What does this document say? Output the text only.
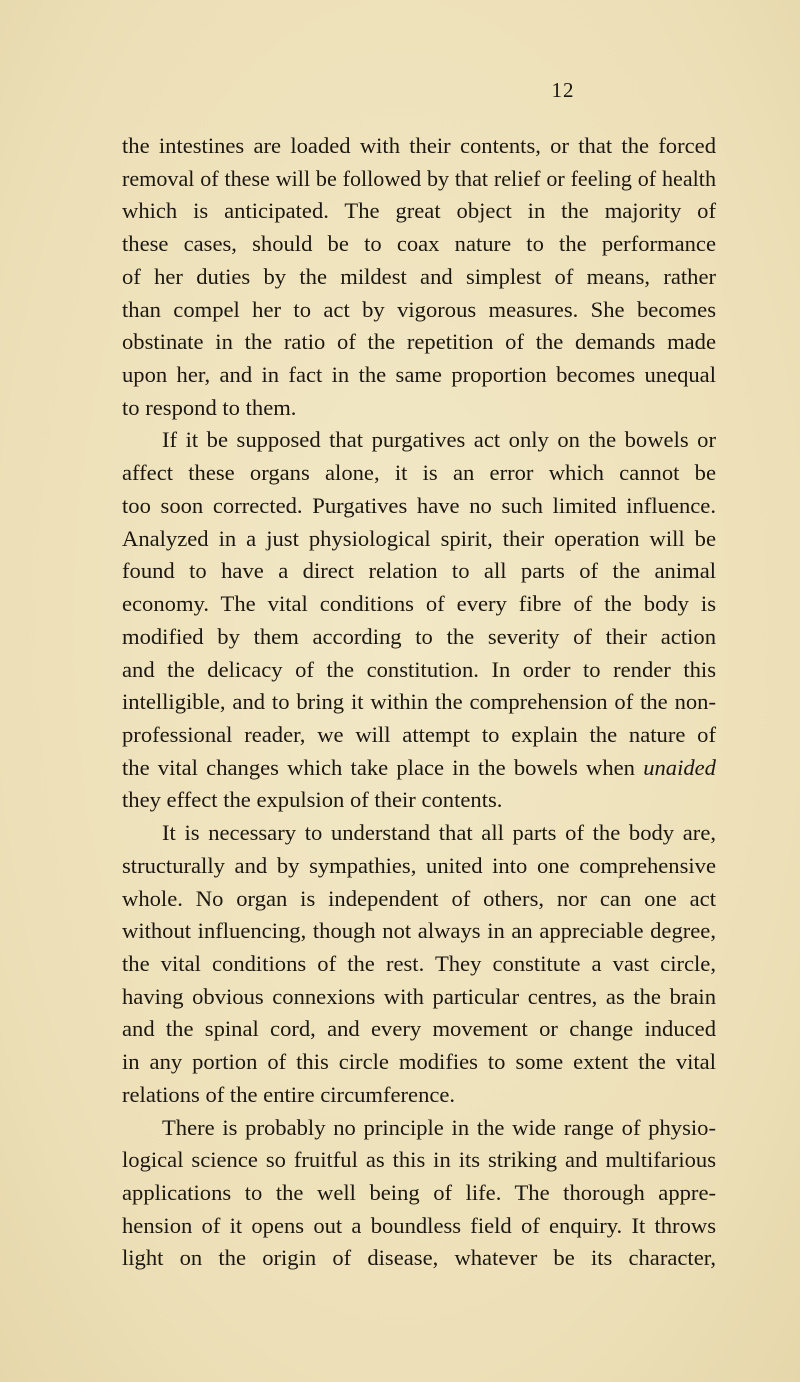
12
the intestines are loaded with their contents, or that the forced
removal of these will be followed by that relief or feeling of health
which is anticipated. The great object in the majority of
these cases, should be to coax nature to the performance
of her duties by the mildest and simplest of means, rather
than compel her to act by vigorous measures. She becomes
obstinate in the ratio of the repetition of the demands made
upon her, and in fact in the same proportion becomes unequal
to respond to them.
If it be supposed that purgatives act only on the bowels or
affect these organs alone, it is an error which cannot be
too soon corrected. Purgatives have no such limited influence.
Analyzed in a just physiological spirit, their operation will be
found to have a direct relation to all parts of the animal
economy. The vital conditions of every fibre of the body is
modified by them according to the severity of their action
and the delicacy of the constitution. In order to render this
intelligible, and to bring it within the comprehension of the non-
professional reader, we will attempt to explain the nature of
the vital changes which take place in the bowels when unaided
they effect the expulsion of their contents.
It is necessary to understand that all parts of the body are,
structurally and by sympathies, united into one comprehensive
whole. No organ is independent of others, nor can one act
without influencing, though not always in an appreciable degree,
the vital conditions of the rest. They constitute a vast circle,
having obvious connexions with particular centres, as the brain
and the spinal cord, and every movement or change induced
in any portion of this circle modifies to some extent the vital
relations of the entire circumference.
There is probably no principle in the wide range of physio-
logical science so fruitful as this in its striking and multifarious
applications to the well being of life. The thorough appre-
hension of it opens out a boundless field of enquiry. It throws
light on the origin of disease, whatever be its character,
